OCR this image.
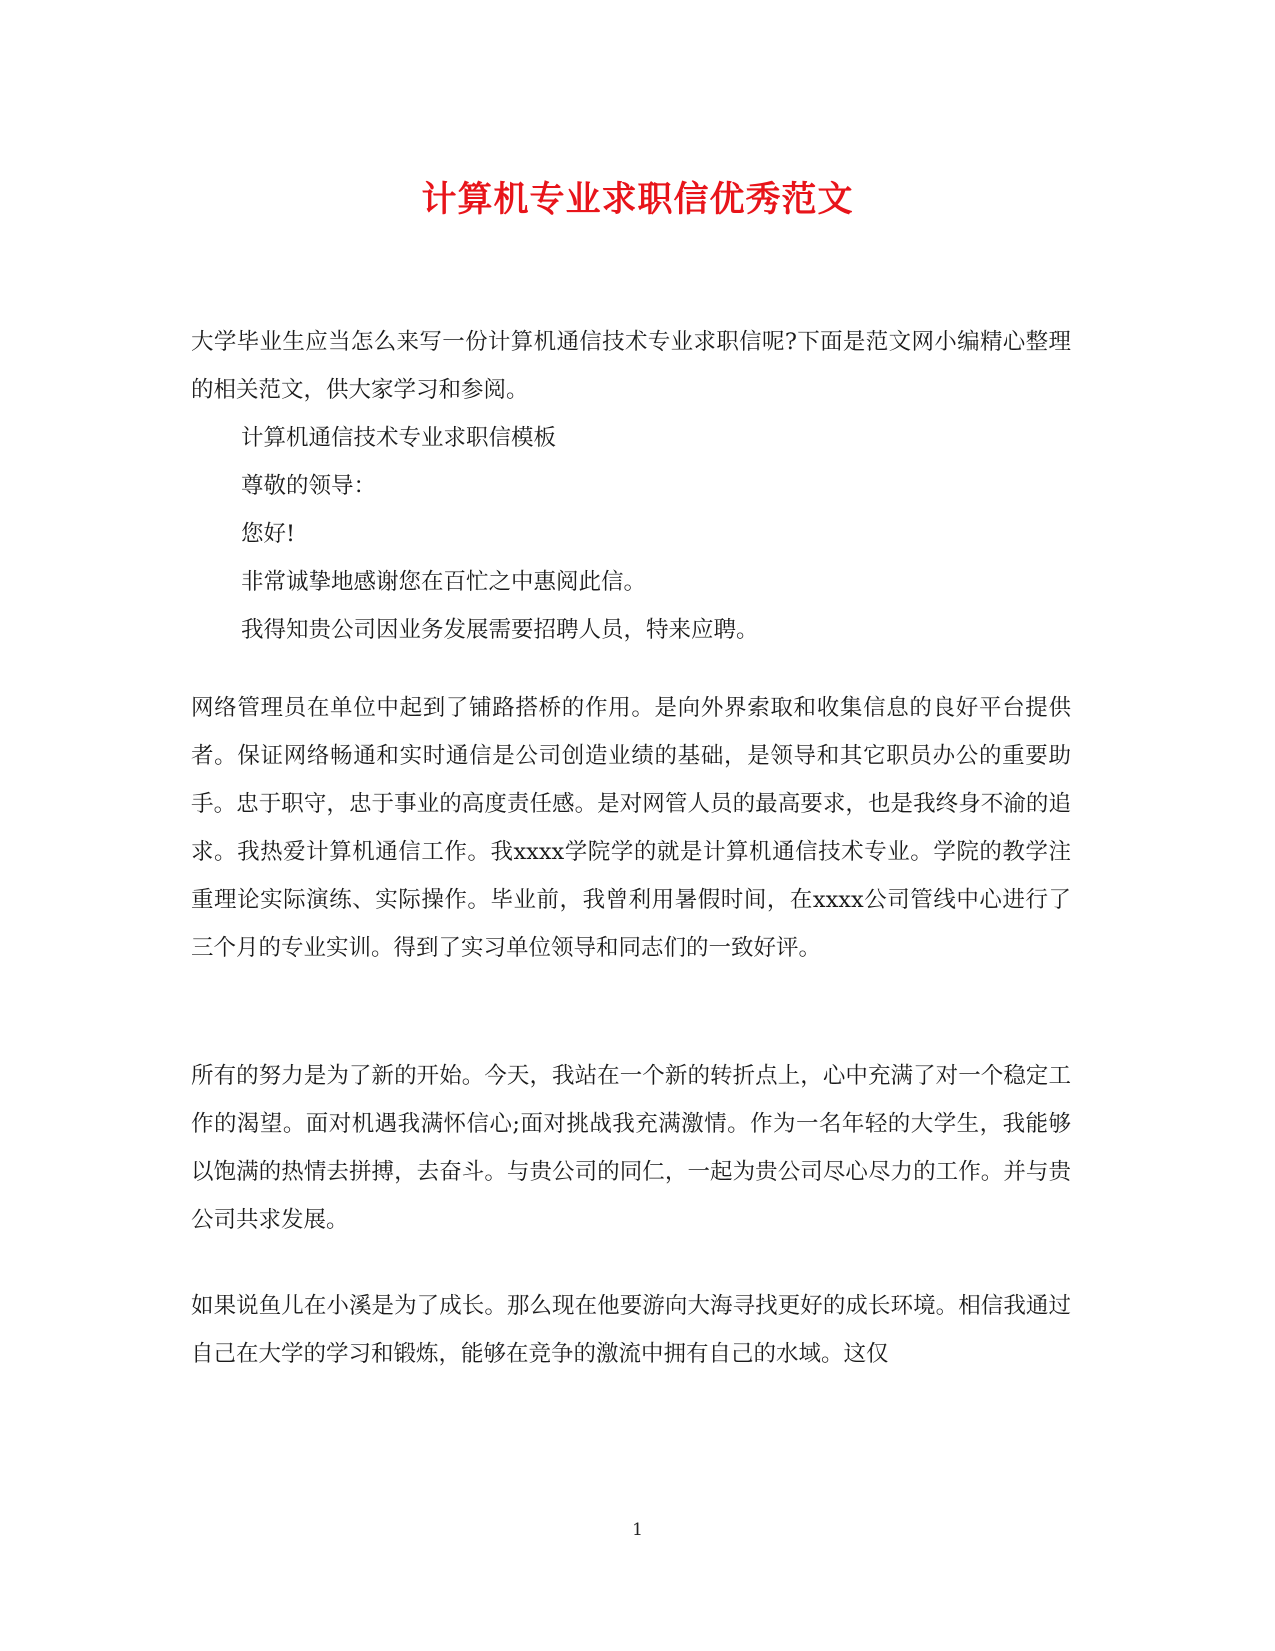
计算机专业求职信优秀范文

大学毕业生应当怎么来写一份计算机通信技术专业求职信呢?下面是范文网小编精心整理的相关范文，供大家学习和参阅。

计算机通信技术专业求职信模板

尊敬的领导：

您好!

非常诚挚地感谢您在百忙之中惠阅此信。

我得知贵公司因业务发展需要招聘人员，特来应聘。

网络管理员在单位中起到了铺路搭桥的作用。是向外界索取和收集信息的良好平台提供者。保证网络畅通和实时通信是公司创造业绩的基础，是领导和其它职员办公的重要助手。忠于职守，忠于事业的高度责任感。是对网管人员的最高要求，也是我终身不渝的追求。我热爱计算机通信工作。我xxxx学院学的就是计算机通信技术专业。学院的教学注重理论实际演练、实际操作。毕业前，我曾利用暑假时间，在xxxx公司管线中心进行了三个月的专业实训。得到了实习单位领导和同志们的一致好评。
所有的努力是为了新的开始。今天，我站在一个新的转折点上，心中充满了对一个稳定工作的渴望。面对机遇我满怀信心;面对挑战我充满激情。作为一名年轻的大学生，我能够以饱满的热情去拼搏，去奋斗。与贵公司的同仁，一起为贵公司尽心尽力的工作。并与贵公司共求发展。
如果说鱼儿在小溪是为了成长。那么现在他要游向大海寻找更好的成长环境。相信我通过自己在大学的学习和锻炼，能够在竞争的激流中拥有自己的水域。这仅
1
